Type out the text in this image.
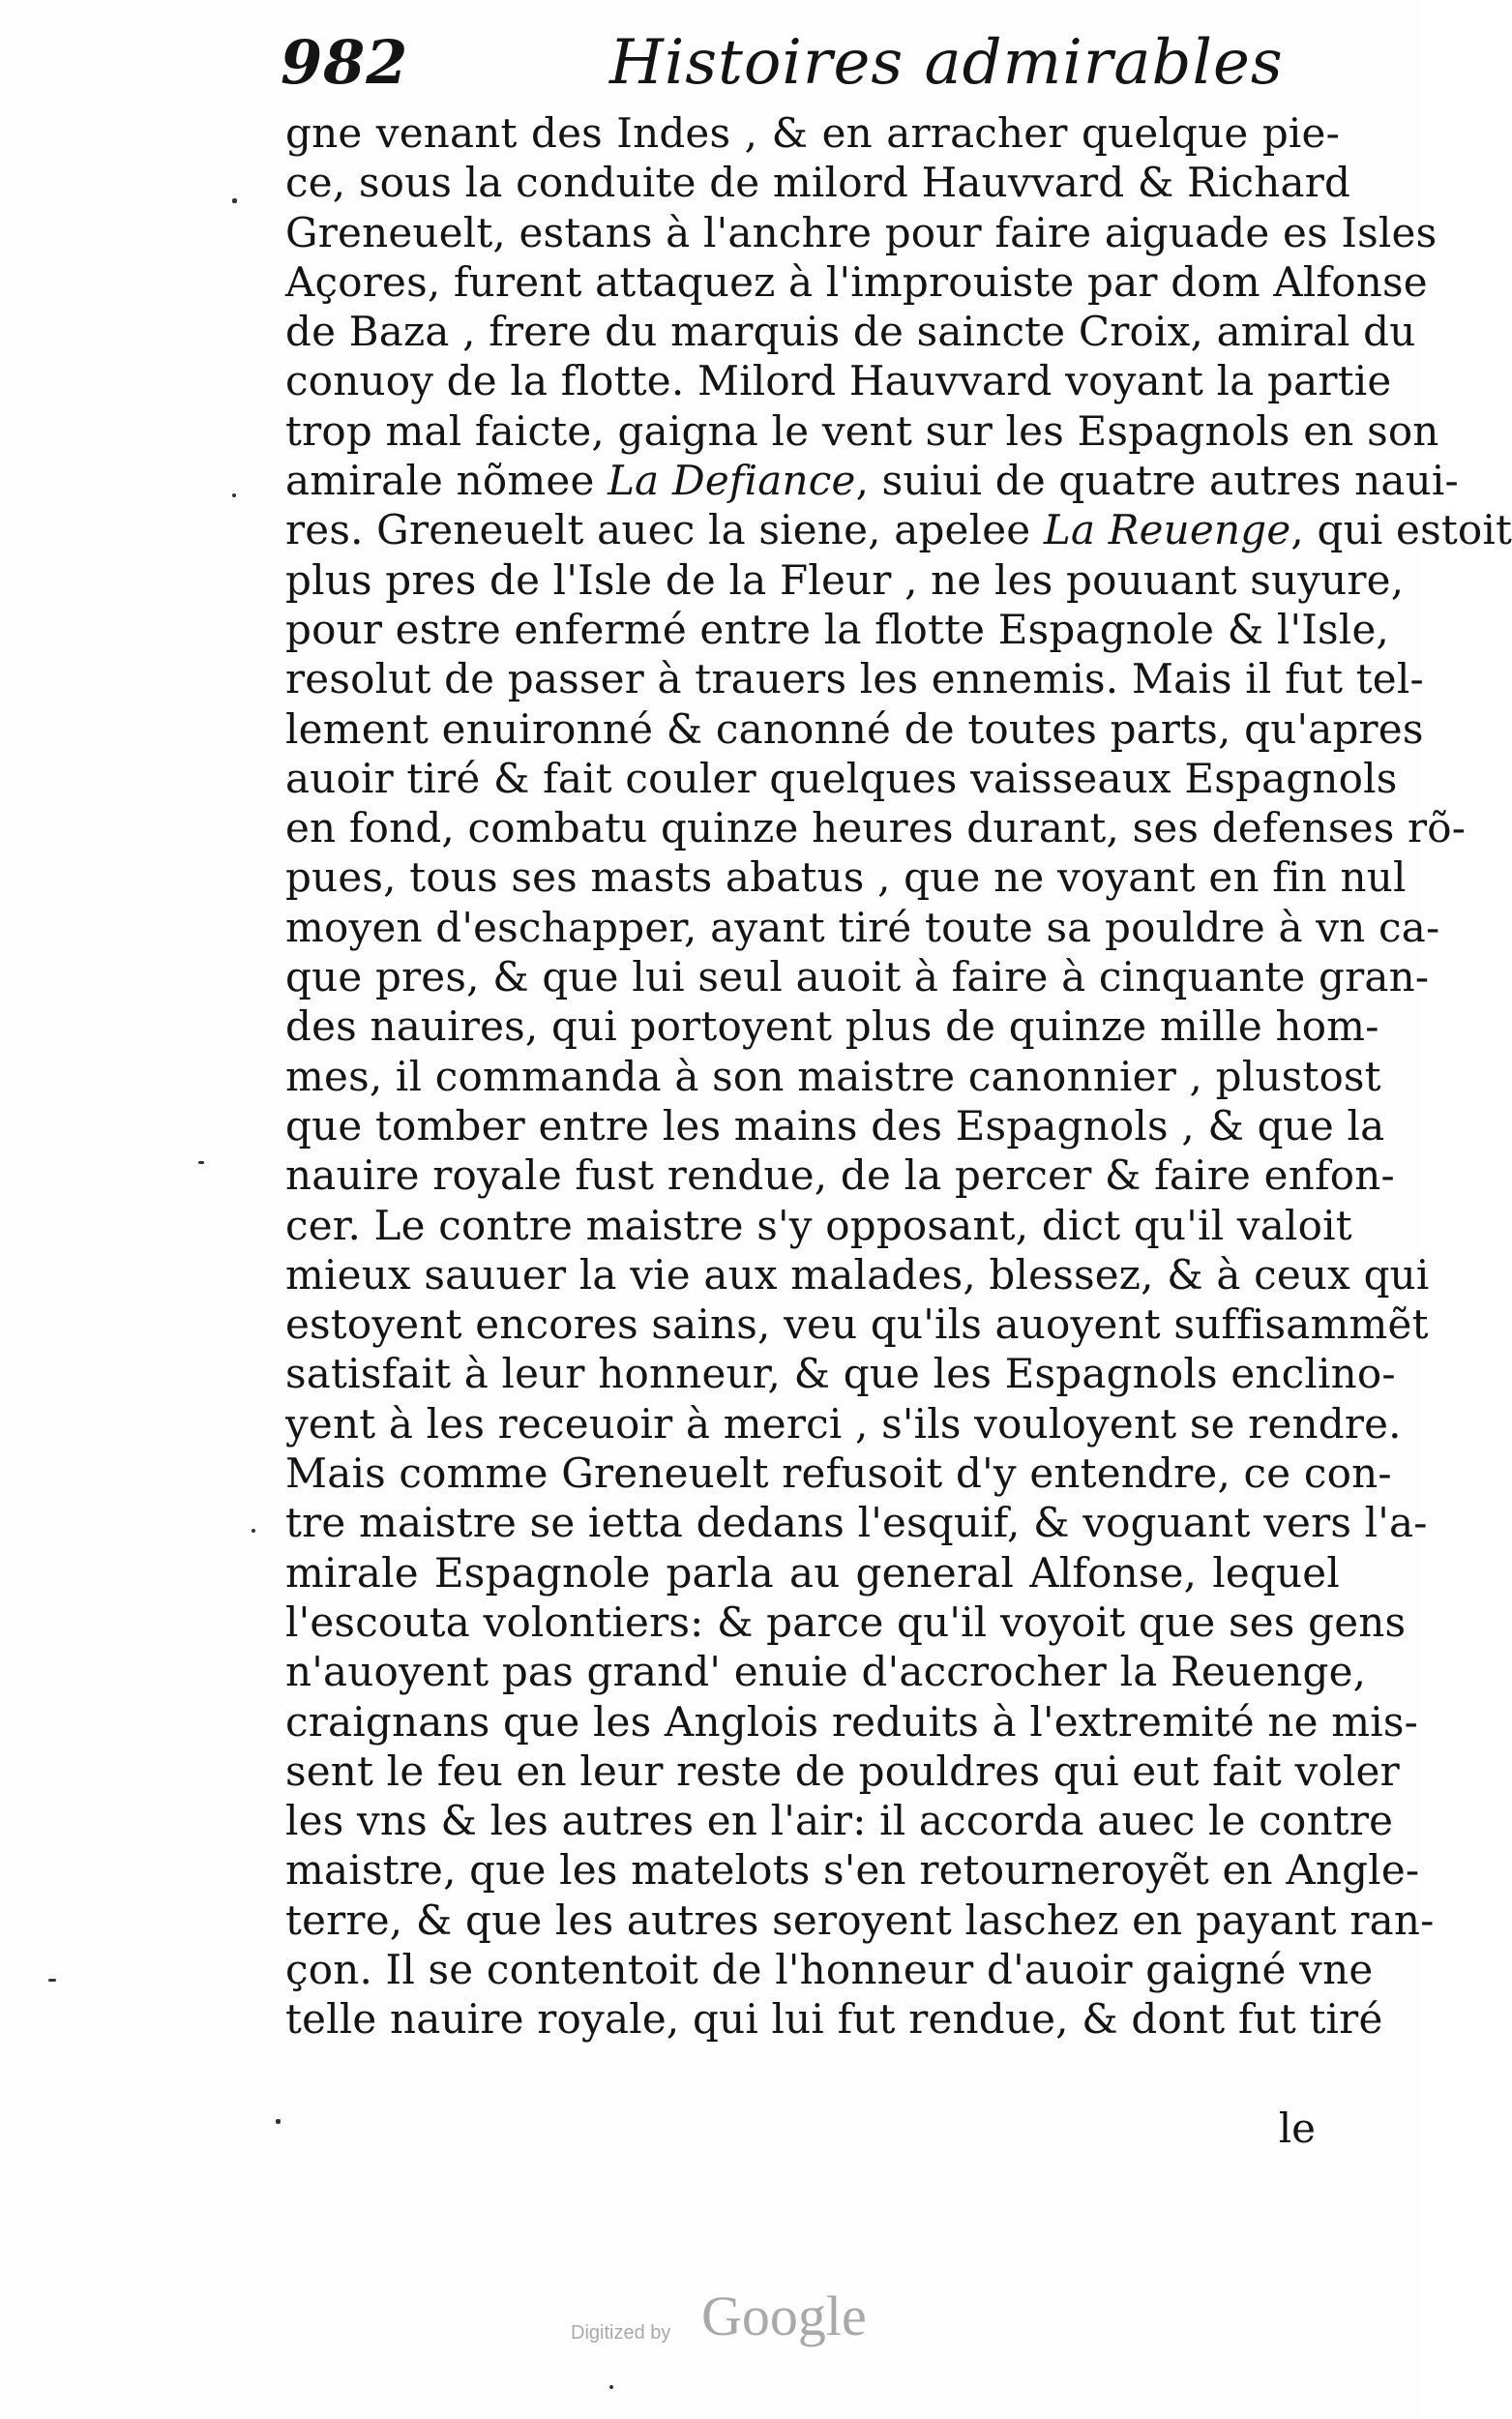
982	Histoires admirables
gne venant des Indes , & en arracher quelque pie-
ce, sous la conduite de milord Hauvvard & Richard
Greneuelt, estans à l'anchre pour faire aiguade es Isles
Açores, furent attaquez à l'improuiste par dom Alfonse
de Baza , frere du marquis de saincte Croix, amiral du
conuoy de la flotte. Milord Hauvvard voyant la partie
trop mal faicte, gaigna le vent sur les Espagnols en son
amirale nõmee La Defiance, suiui de quatre autres naui-
res. Greneuelt auec la siene, apelee La Reuenge, qui estoit
plus pres de l'Isle de la Fleur , ne les pouuant suyure,
pour estre enfermé entre la flotte Espagnole & l'Isle,
resolut de passer à trauers les ennemis. Mais il fut tel-
lement enuironné & canonné de toutes parts, qu'apres
auoir tiré & fait couler quelques vaisseaux Espagnols
en fond, combatu quinze heures durant, ses defenses rõ-
pues, tous ses masts abatus , que ne voyant en fin nul
moyen d'eschapper, ayant tiré toute sa pouldre à vn ca-
que pres, & que lui seul auoit à faire à cinquante gran-
des nauires, qui portoyent plus de quinze mille hom-
mes, il commanda à son maistre canonnier , plustost
que tomber entre les mains des Espagnols , & que la
nauire royale fust rendue, de la percer & faire enfon-
cer. Le contre maistre s'y opposant, dict qu'il valoit
mieux sauuer la vie aux malades, blessez, & à ceux qui
estoyent encores sains, veu qu'ils auoyent suffisammẽt
satisfait à leur honneur, & que les Espagnols enclino-
yent à les receuoir à merci , s'ils vouloyent se rendre.
Mais comme Greneuelt refusoit d'y entendre, ce con-
tre maistre se ietta dedans l'esquif, & voguant vers l'a-
mirale Espagnole parla au general Alfonse, lequel
l'escouta volontiers: & parce qu'il voyoit que ses gens
n'auoyent pas grand' enuie d'accrocher la Reuenge,
craignans que les Anglois reduits à l'extremité ne mis-
sent le feu en leur reste de pouldres qui eut fait voler
les vns & les autres en l'air: il accorda auec le contre
maistre, que les matelots s'en retourneroyẽt en Angle-
terre, & que les autres seroyent laschez en payant ran-
çon. Il se contentoit de l'honneur d'auoir gaigné vne
telle nauire royale, qui lui fut rendue, & dont fut tiré
le
Digitized by Google
